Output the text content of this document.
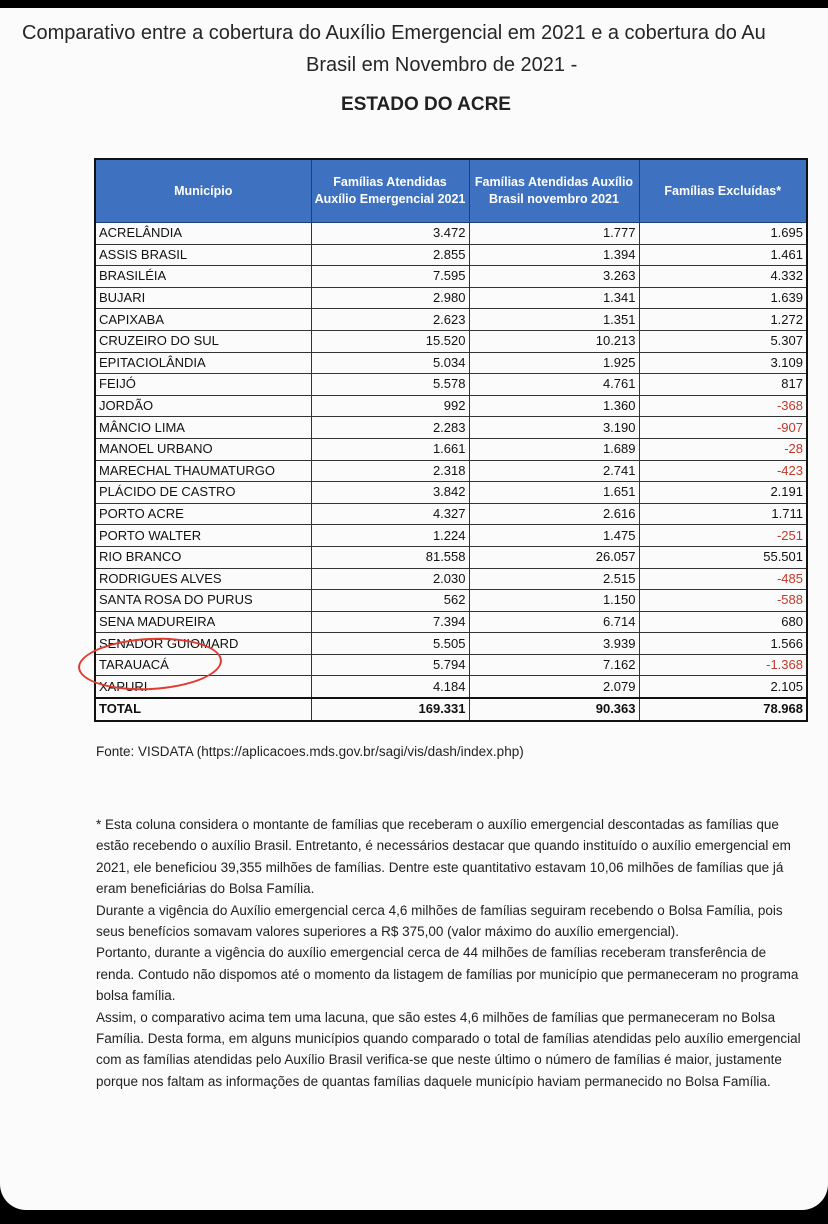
Comparativo entre a cobertura do Auxílio Emergencial em 2021 e a cobertura do Au
Brasil em Novembro de 2021 -
ESTADO DO ACRE
Município	Famílias Atendidas Auxílio Emergencial 2021	Famílias Atendidas Auxílio Brasil novembro 2021	Famílias Excluídas*
ACRELÂNDIA	3.472	1.777	1.695
ASSIS BRASIL	2.855	1.394	1.461
BRASILÉIA	7.595	3.263	4.332
BUJARI	2.980	1.341	1.639
CAPIXABA	2.623	1.351	1.272
CRUZEIRO DO SUL	15.520	10.213	5.307
EPITACIOLÂNDIA	5.034	1.925	3.109
FEIJÓ	5.578	4.761	817
JORDÃO	992	1.360	-368
MÂNCIO LIMA	2.283	3.190	-907
MANOEL URBANO	1.661	1.689	-28
MARECHAL THAUMATURGO	2.318	2.741	-423
PLÁCIDO DE CASTRO	3.842	1.651	2.191
PORTO ACRE	4.327	2.616	1.711
PORTO WALTER	1.224	1.475	-251
RIO BRANCO	81.558	26.057	55.501
RODRIGUES ALVES	2.030	2.515	-485
SANTA ROSA DO PURUS	562	1.150	-588
SENA MADUREIRA	7.394	6.714	680
SENADOR GUIOMARD	5.505	3.939	1.566
TARAUACÁ	5.794	7.162	-1.368
XAPURI	4.184	2.079	2.105
TOTAL	169.331	90.363	78.968
Fonte: VISDATA (https://aplicacoes.mds.gov.br/sagi/vis/dash/index.php)

* Esta coluna considera o montante de famílias que receberam o auxílio emergencial descontadas as famílias que estão recebendo o auxílio Brasil. Entretanto, é necessários destacar que quando instituído o auxílio emergencial em 2021, ele beneficiou 39,355 milhões de famílias. Dentre este quantitativo estavam 10,06 milhões de famílias que já eram beneficiárias do Bolsa Família.

Durante a vigência do Auxílio emergencial cerca 4,6 milhões de famílias seguiram recebendo o Bolsa Família, pois seus benefícios somavam valores superiores a R$ 375,00 (valor máximo do auxílio emergencial).

Portanto, durante a vigência do auxílio emergencial cerca de 44 milhões de famílias receberam transferência de renda. Contudo não dispomos até o momento da listagem de famílias por município que permaneceram no programa bolsa família.

Assim, o comparativo acima tem uma lacuna, que são estes 4,6 milhões de famílias que permaneceram no Bolsa Família. Desta forma, em alguns municípios quando comparado o total de famílias atendidas pelo auxílio emergencial com as famílias atendidas pelo Auxílio Brasil verifica-se que neste último o número de famílias é maior, justamente porque nos faltam as informações de quantas famílias daquele município haviam permanecido no Bolsa Família.
